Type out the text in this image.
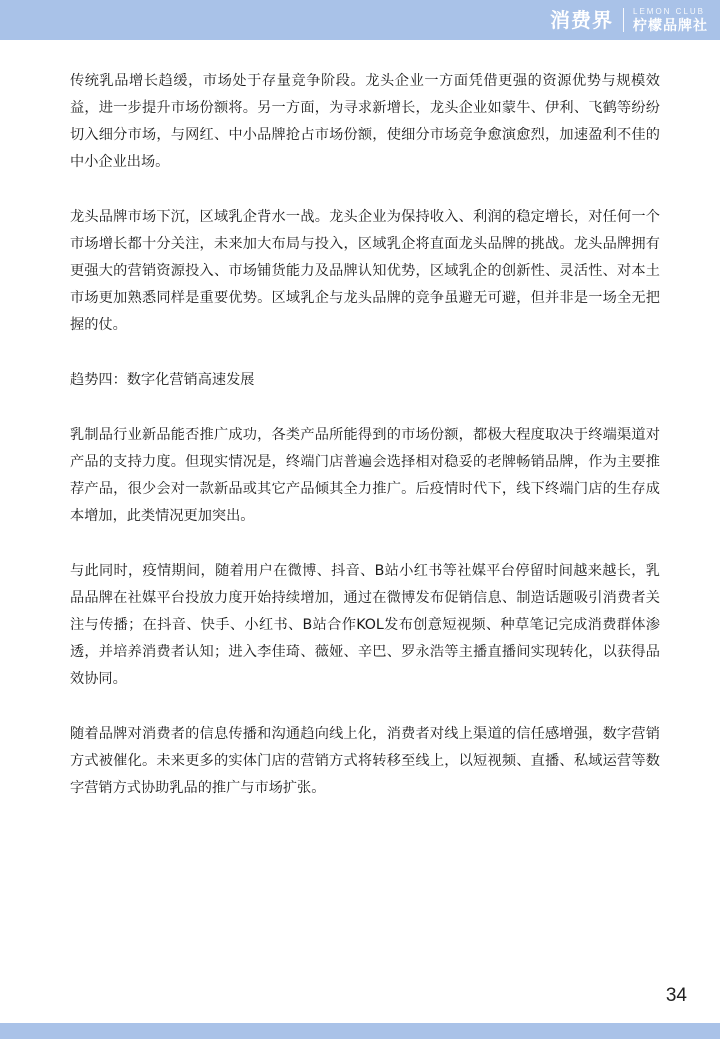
消费界	LEMON CLUB
柠檬品牌社

传统乳品增长趋缓，市场处于存量竞争阶段。龙头企业一方面凭借更强的资源优势与规模效益，进一步提升市场份额将。另一方面，为寻求新增长，龙头企业如蒙牛、伊利、飞鹤等纷纷切入细分市场，与网红、中小品牌抢占市场份额，使细分市场竞争愈演愈烈，加速盈利不佳的中小企业出场。

龙头品牌市场下沉，区域乳企背水一战。龙头企业为保持收入、利润的稳定增长，对任何一个市场增长都十分关注，未来加大布局与投入，区域乳企将直面龙头品牌的挑战。龙头品牌拥有更强大的营销资源投入、市场铺货能力及品牌认知优势，区域乳企的创新性、灵活性、对本土市场更加熟悉同样是重要优势。区域乳企与龙头品牌的竞争虽避无可避，但并非是一场全无把握的仗。

趋势四：数字化营销高速发展

乳制品行业新品能否推广成功，各类产品所能得到的市场份额，都极大程度取决于终端渠道对产品的支持力度。但现实情况是，终端门店普遍会选择相对稳妥的老牌畅销品牌，作为主要推荐产品，很少会对一款新品或其它产品倾其全力推广。后疫情时代下，线下终端门店的生存成本增加，此类情况更加突出。

与此同时，疫情期间，随着用户在微博、抖音、B站小红书等社媒平台停留时间越来越长，乳品品牌在社媒平台投放力度开始持续增加，通过在微博发布促销信息、制造话题吸引消费者关注与传播；在抖音、快手、小红书、B站合作KOL发布创意短视频、种草笔记完成消费群体渗透，并培养消费者认知；进入李佳琦、薇娅、辛巴、罗永浩等主播直播间实现转化，以获得品效协同。

随着品牌对消费者的信息传播和沟通趋向线上化，消费者对线上渠道的信任感增强，数字营销方式被催化。未来更多的实体门店的营销方式将转移至线上，以短视频、直播、私域运营等数字营销方式协助乳品的推广与市场扩张。

34
